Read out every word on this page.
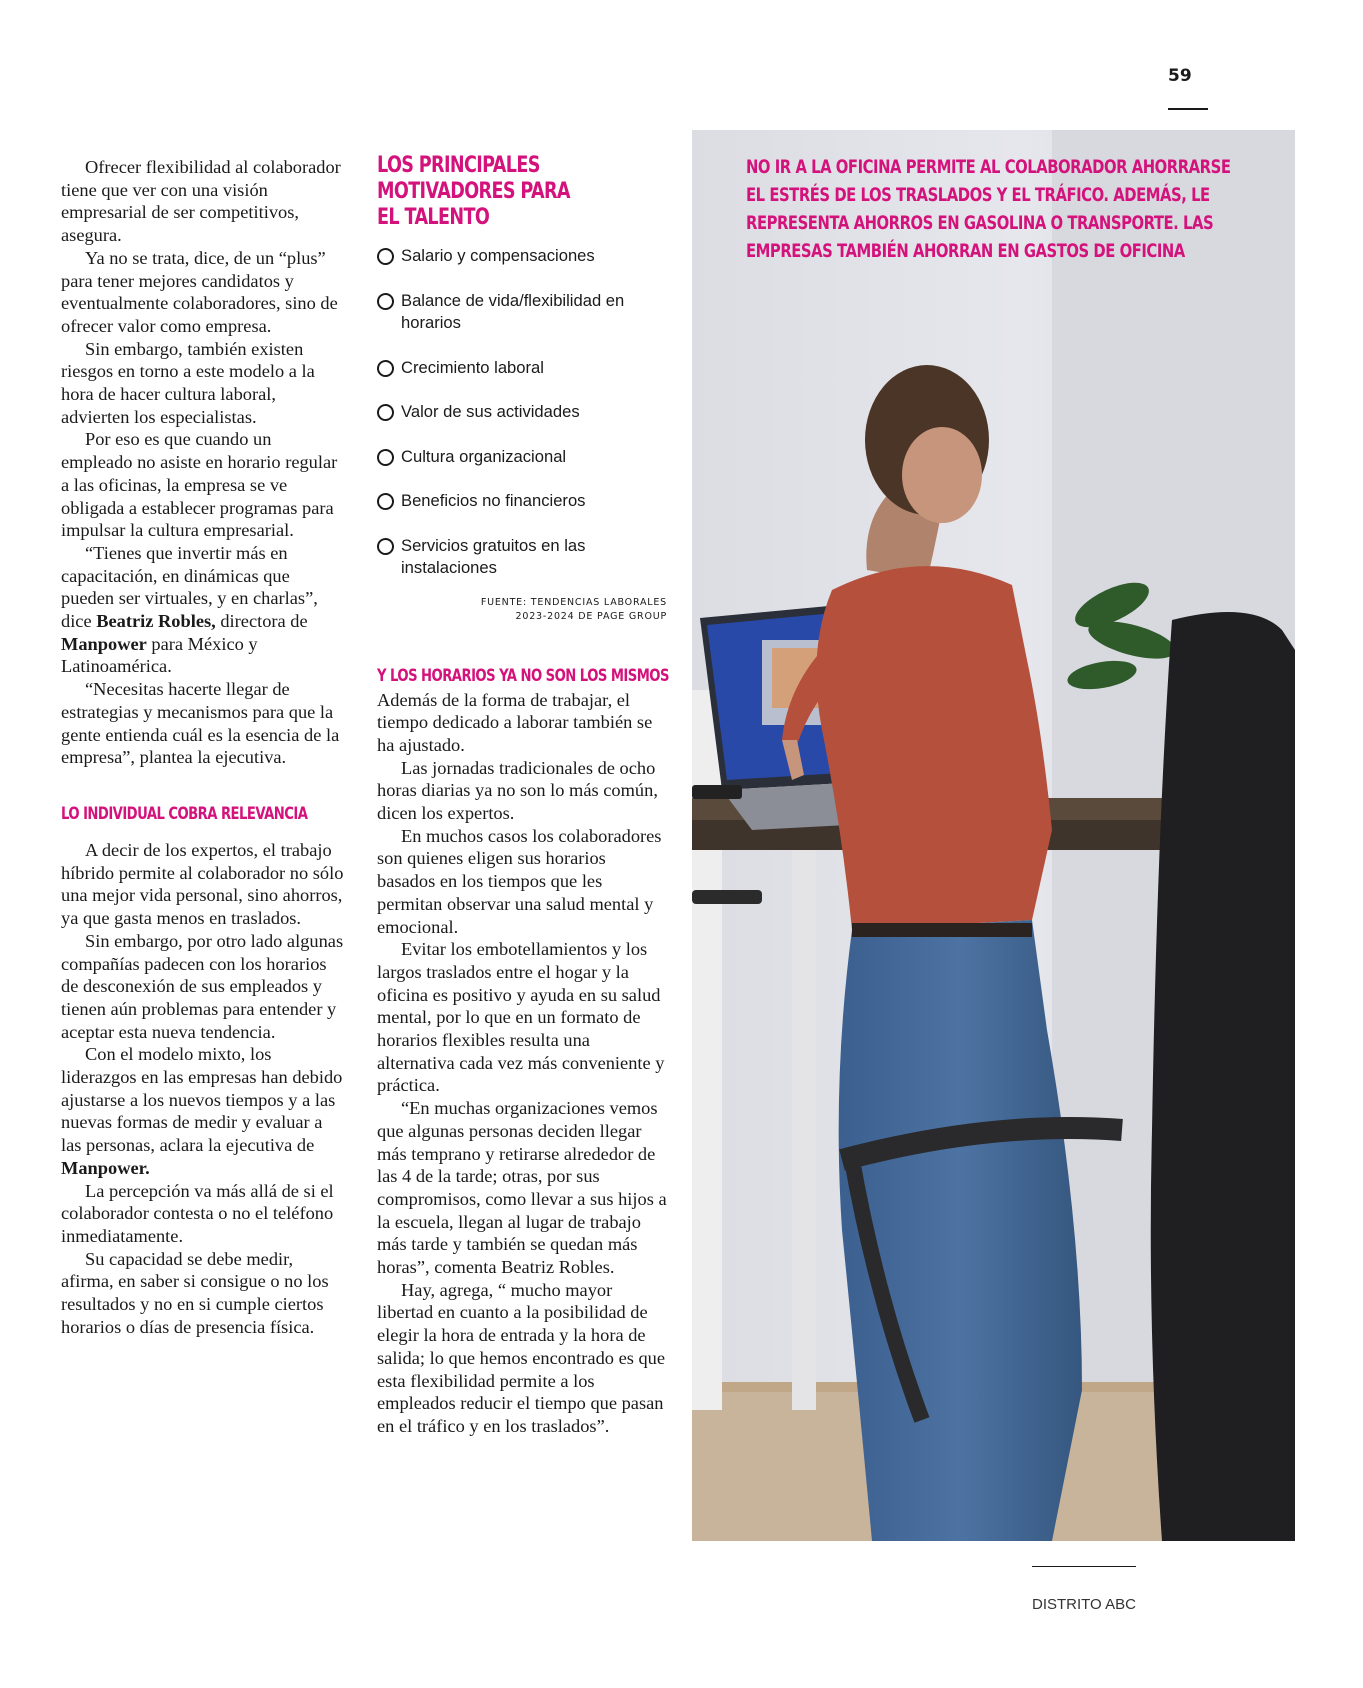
59

Ofrecer flexibilidad al colaborador tiene que ver con una visión empresarial de ser competitivos, asegura.

Ya no se trata, dice, de un “plus” para tener mejores candidatos y eventualmente colaboradores, sino de ofrecer valor como empresa.

Sin embargo, también existen riesgos en torno a este modelo a la hora de hacer cultura laboral, advierten los especialistas.

Por eso es que cuando un empleado no asiste en horario regular a las oficinas, la empresa se ve obligada a establecer programas para impulsar la cultura empresarial.

“Tienes que invertir más en capacitación, en dinámicas que pueden ser virtuales, y en charlas”, dice Beatriz Robles, directora de Manpower para México y Latinoamérica.

“Necesitas hacerte llegar de estrategias y mecanismos para que la gente entienda cuál es la esencia de la empresa”, plantea la ejecutiva.

LO INDIVIDUAL COBRA RELEVANCIA

A decir de los expertos, el trabajo híbrido permite al colaborador no sólo una mejor vida personal, sino ahorros, ya que gasta menos en traslados.

Sin embargo, por otro lado algunas compañías padecen con los horarios de desconexión de sus empleados y tienen aún problemas para entender y aceptar esta nueva tendencia.

Con el modelo mixto, los liderazgos en las empresas han debido ajustarse a los nuevos tiempos y a las nuevas formas de medir y evaluar a las personas, aclara la ejecutiva de Manpower.

La percepción va más allá de si el colaborador contesta o no el teléfono inmediatamente.

Su capacidad se debe medir, afirma, en saber si consigue o no los resultados y no en si cumple ciertos horarios o días de presencia física.

LOS PRINCIPALES
MOTIVADORES PARA
EL TALENTO
Salario y compensaciones
Balance de vida/flexibilidad en horarios
Crecimiento laboral
Valor de sus actividades
Cultura organizacional
Beneficios no financieros
Servicios gratuitos en las instalaciones
FUENTE: TENDENCIAS LABORALES
2023-2024 DE PAGE GROUP
Y LOS HORARIOS YA NO SON LOS MISMOS

Además de la forma de trabajar, el tiempo dedicado a laborar también se ha ajustado.

Las jornadas tradicionales de ocho horas diarias ya no son lo más común, dicen los expertos.

En muchos casos los colaboradores son quienes eligen sus horarios basados en los tiempos que les permitan observar una salud mental y emocional.

Evitar los embotellamientos y los largos traslados entre el hogar y la oficina es positivo y ayuda en su salud mental, por lo que en un formato de horarios flexibles resulta una alternativa cada vez más conveniente y práctica.

“En muchas organizaciones vemos que algunas personas deciden llegar más temprano y retirarse alrededor de las 4 de la tarde; otras, por sus compromisos, como llevar a sus hijos a la escuela, llegan al lugar de trabajo más tarde y también se quedan más horas”, comenta Beatriz Robles.

Hay, agrega, “ mucho mayor libertad en cuanto a la posibilidad de elegir la hora de entrada y la hora de salida; lo que hemos encontrado es que esta flexibilidad permite a los empleados reducir el tiempo que pasan en el tráfico y en los traslados”.

NO IR A LA OFICINA PERMITE AL COLABORADOR AHORRARSE
EL ESTRÉS DE LOS TRASLADOS Y EL TRÁFICO. ADEMÁS, LE
REPRESENTA AHORROS EN GASOLINA O TRANSPORTE. LAS
EMPRESAS TAMBIÉN AHORRAN EN GASTOS DE OFICINA
DISTRITO ABC
